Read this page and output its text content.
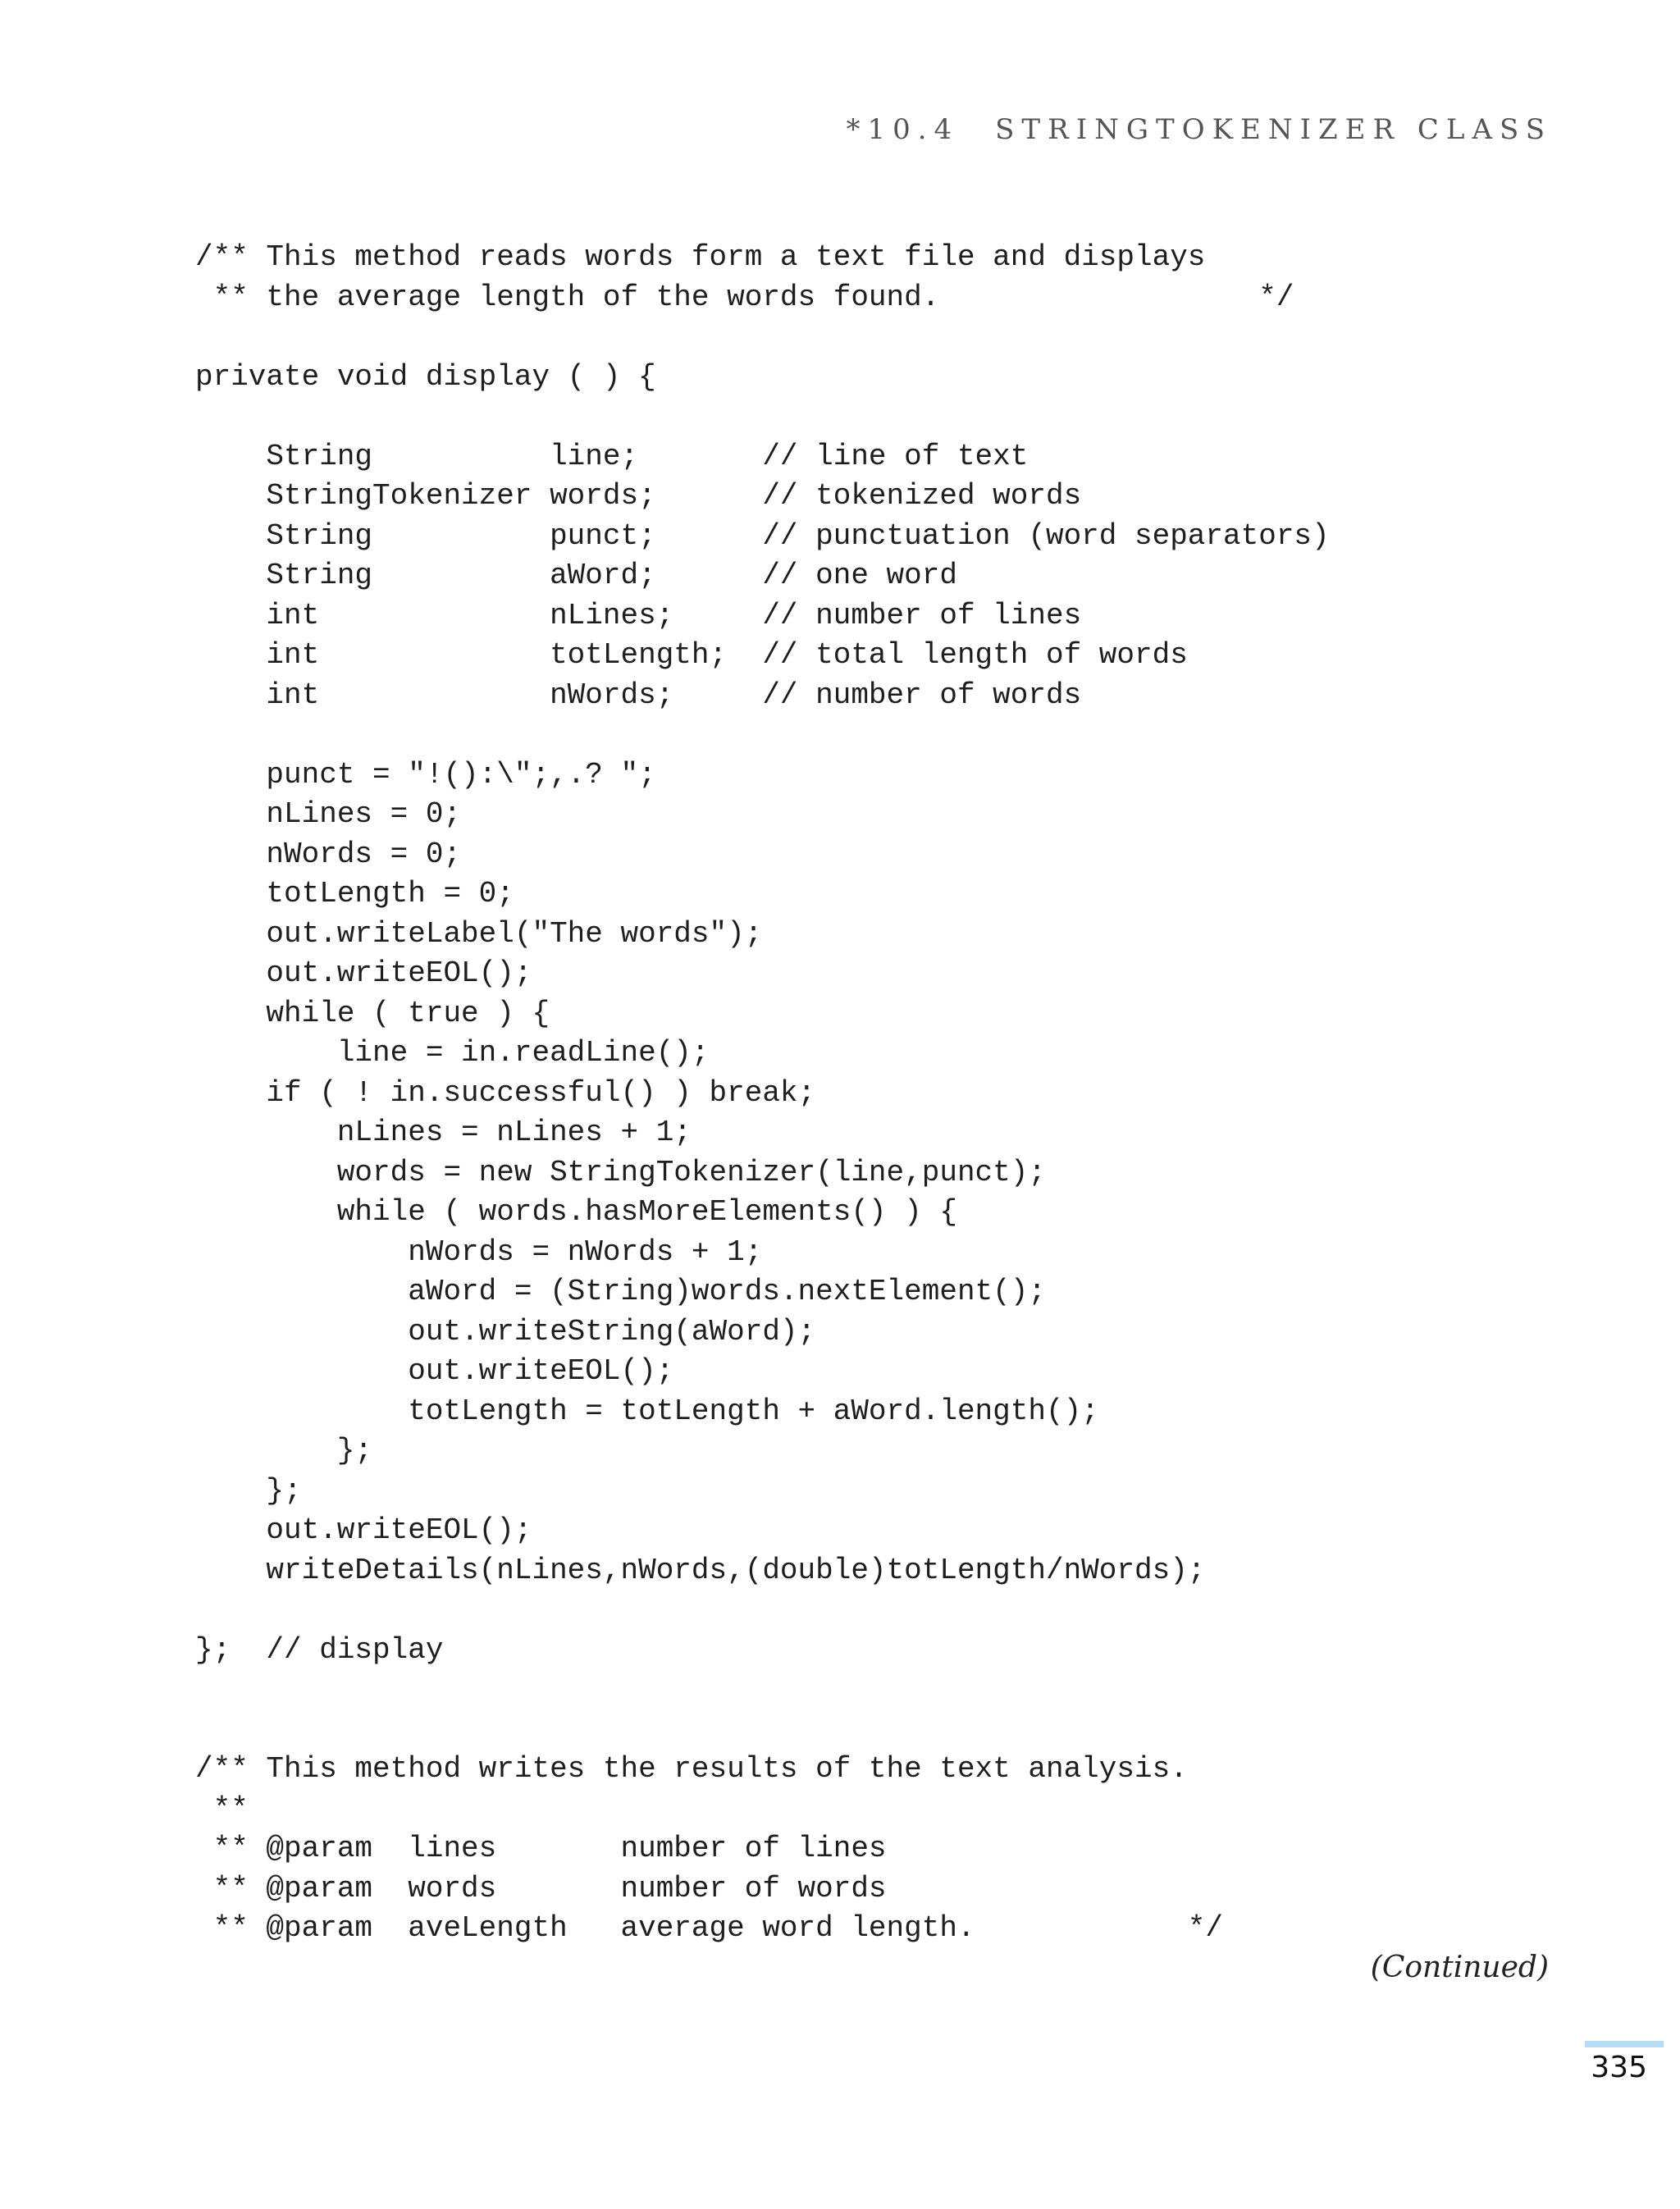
*10.4 STRINGTOKENIZER CLASS
/** This method reads words form a text file and displays
** the average length of the words found.                  */
private void display ( ) {
String          line;       // line of text
StringTokenizer words;      // tokenized words
String          punct;      // punctuation (word separators)
String          aWord;      // one word
int             nLines;     // number of lines
int             totLength;  // total length of words
int             nWords;     // number of words
punct = "!():\";,.? ";
nLines = 0;
nWords = 0;
totLength = 0;
out.writeLabel("The words");
out.writeEOL();
while ( true ) {
line = in.readLine();
if ( ! in.successful() ) break;
nLines = nLines + 1;
words = new StringTokenizer(line,punct);
while ( words.hasMoreElements() ) {
nWords = nWords + 1;
aWord = (String)words.nextElement();
out.writeString(aWord);
out.writeEOL();
totLength = totLength + aWord.length();
};
};
out.writeEOL();
writeDetails(nLines,nWords,(double)totLength/nWords);
};  // display
/** This method writes the results of the text analysis.
**
** @param  lines       number of lines
** @param  words       number of words
** @param  aveLength   average word length.            */
(Continued)
335
